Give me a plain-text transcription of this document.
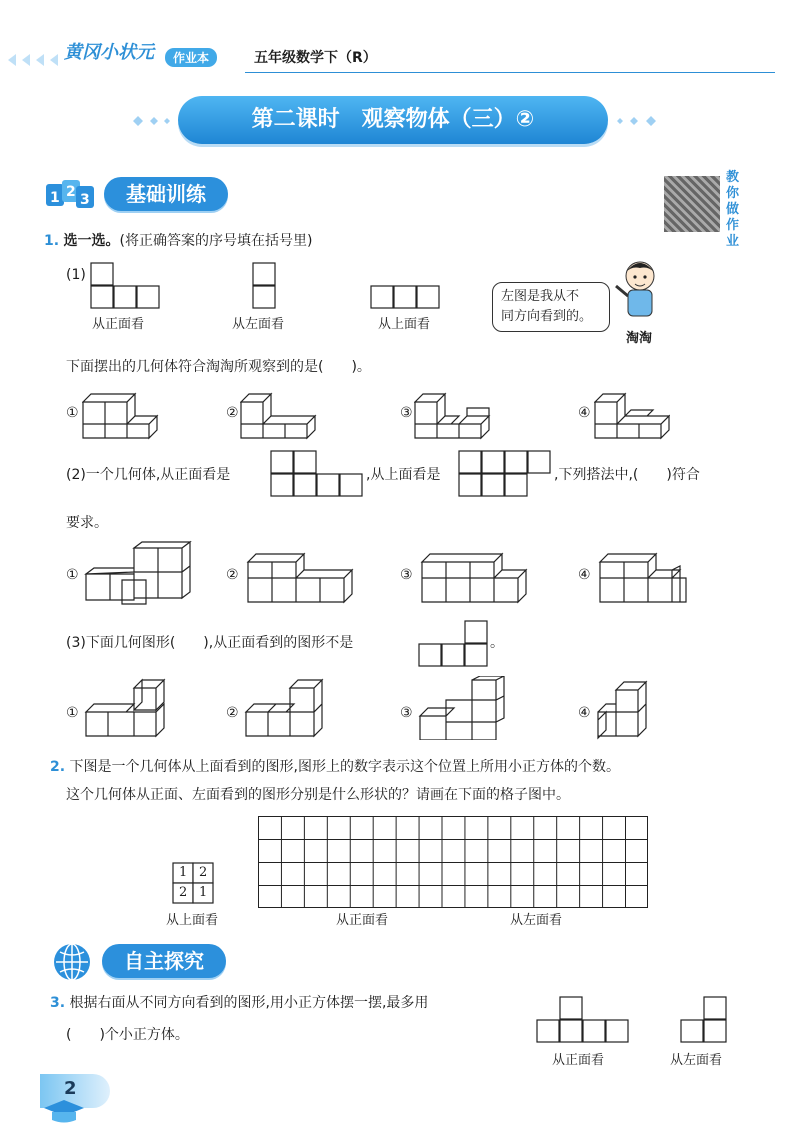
黄冈小状元	作业本	五年级数学下（R）
第二课时　观察物体（三）②
1 2 3	基础训练
教你做作业
1. 选一选。(将正确答案的序号填在括号里)
(1)
从正面看	从左面看	从上面看
左图是我从不
同方向看到的。
淘淘
下面摆出的几何体符合淘淘所观察到的是(　　)。
①	②	③	④
(2)一个几何体,从正面看是	,从上面看是	,下列搭法中,(　　)符合
要求。
①	②	③	④
(3)下面几何图形(　　),从正面看到的图形不是	。
①	②	③	④
2. 下图是一个几何体从上面看到的图形,图形上的数字表示这个位置上所用小正方体的个数。
这个几何体从正面、左面看到的图形分别是什么形状的？请画在下面的格子图中。
1 2
2 1
从上面看	从正面看	从左面看
自主探究
3. 根据右面从不同方向看到的图形,用小正方体摆一摆,最多用
(　　)个小正方体。
从正面看	从左面看
2
